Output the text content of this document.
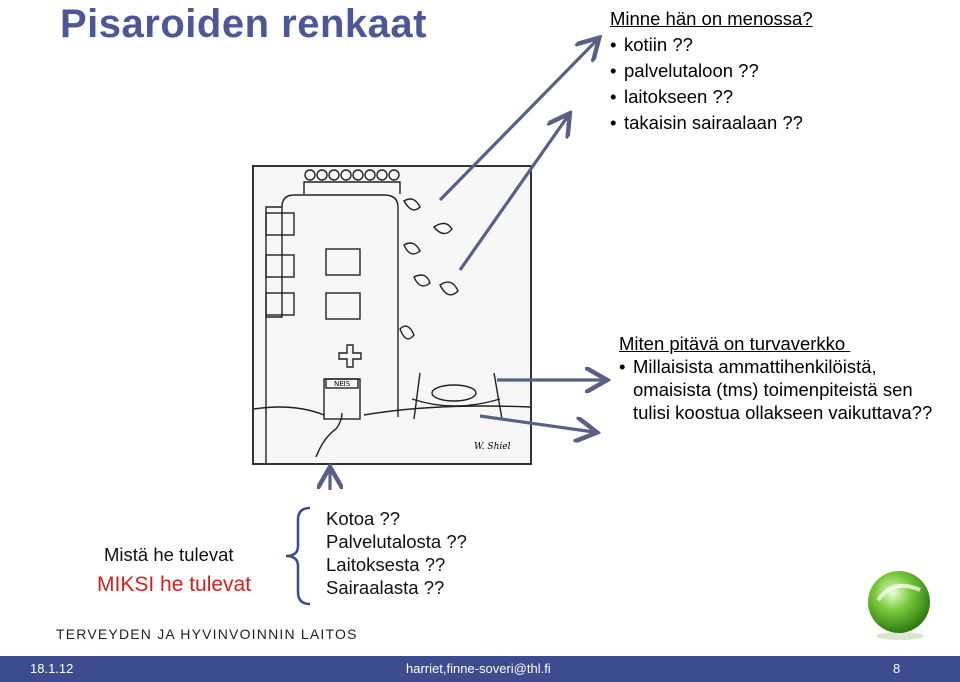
Pisaroiden renkaat	Minne hän on menossa?
• kotiin ??
• palvelutaloon ??
• laitokseen ??
• takaisin sairaalaan ??
Miten pitävä on turvaverkko
• Millaisista ammattihenkilöistä, omaisista (tms) toimenpiteistä sen tulisi koostua ollakseen vaikuttava??
NEIS
W. Shiel
Mistä he tulevat
MIKSI he tulevat
Kotoa ??
Palvelutalosta ??
Laitoksesta ??
Sairaalasta ??
TERVEYDEN JA HYVINVOINNIN LAITOS
18.1.12	harriet,finne-soveri@thl.fi	8
